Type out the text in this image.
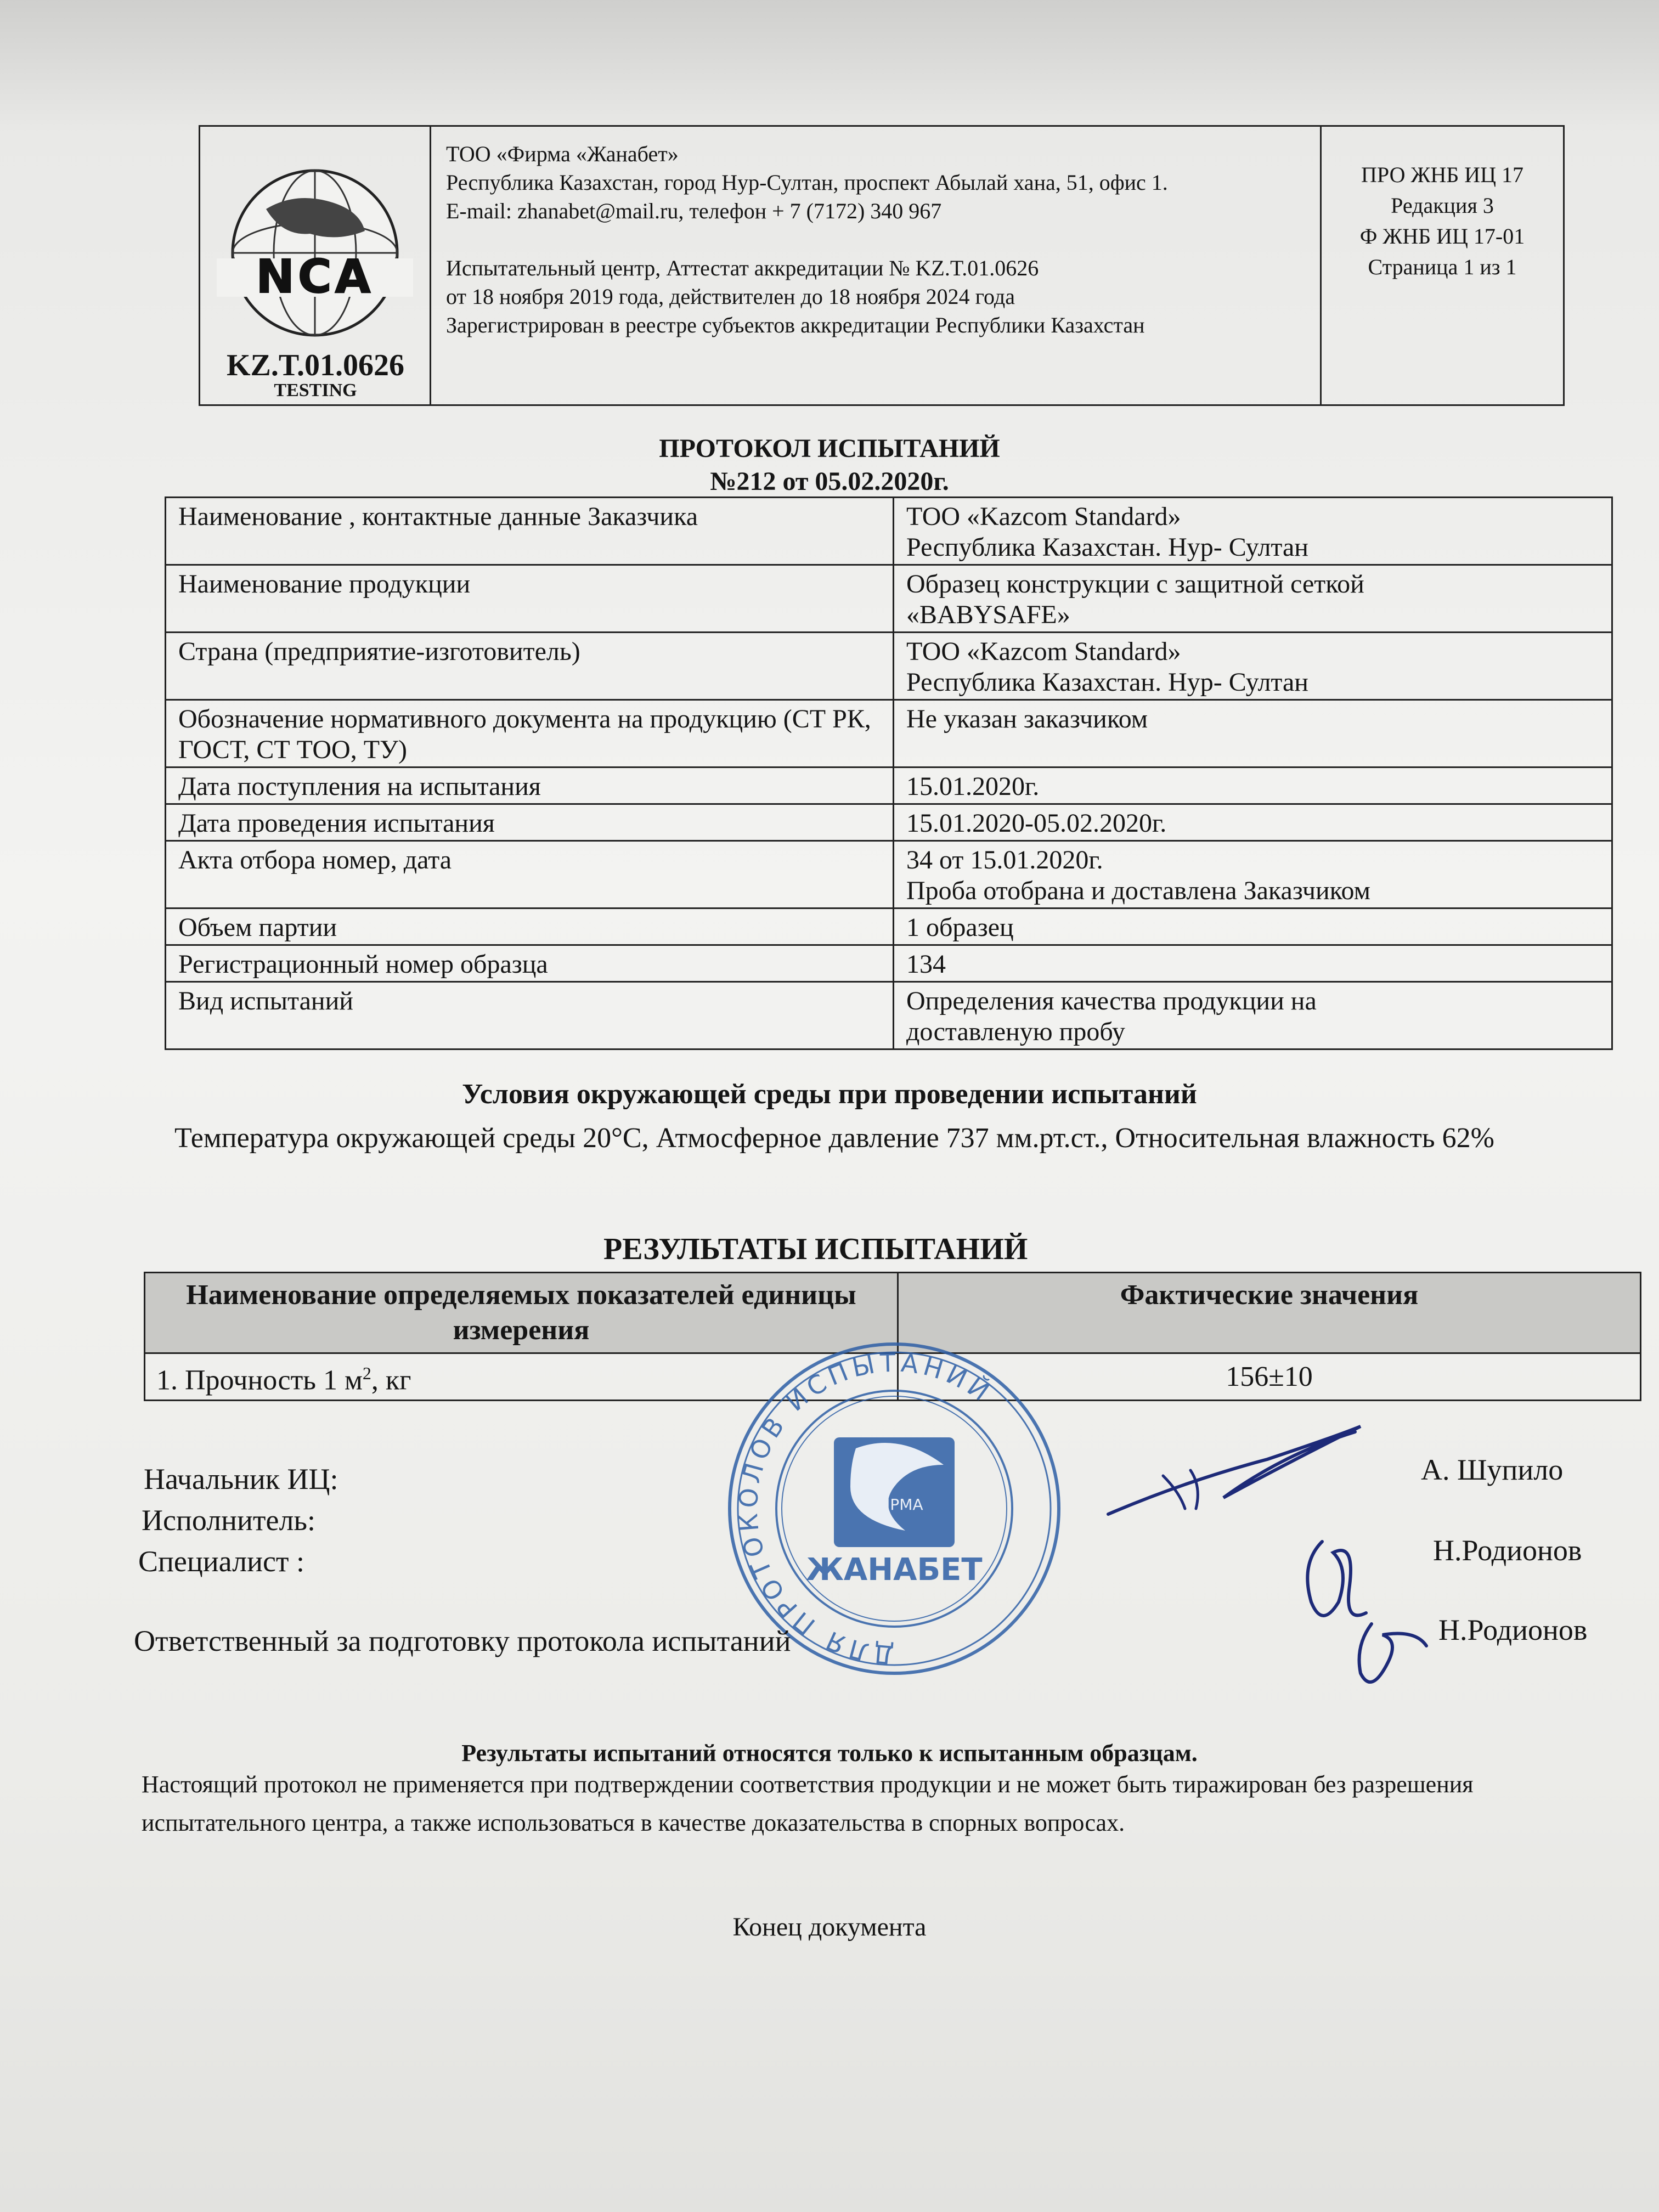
NCA
KZ.T.01.0626
TESTING
ТОО «Фирма «Жанабет»
Республика Казахстан, город Нур-Султан, проспект Абылай хана, 51, офис 1.
E-mail: zhanabet@mail.ru, телефон + 7 (7172) 340 967
Испытательный центр, Аттестат аккредитации № KZ.T.01.0626
от 18 ноября 2019 года, действителен до 18 ноября 2024 года
Зарегистрирован в реестре субъектов аккредитации Республики Казахстан
ПРО ЖНБ ИЦ 17
Редакция 3
Ф ЖНБ ИЦ 17-01
Страница 1 из 1
ПРОТОКОЛ ИСПЫТАНИЙ
№212 от 05.02.2020г.
Наименование , контактные данные Заказчика	ТОО «Kazcom Standard»
Республика Казахстан. Нур- Султан

Наименование продукции	Образец конструкции с защитной сеткой
«BABYSAFE»

Страна (предприятие-изготовитель)	ТОО «Kazcom Standard»
Республика Казахстан. Нур- Султан

Обозначение нормативного документа на продукцию (СТ РК, ГОСТ, СТ ТОО, ТУ)	Не указан заказчиком

Дата поступления на испытания	15.01.2020г.

Дата проведения испытания	15.01.2020-05.02.2020г.

Акта отбора номер, дата	34 от 15.01.2020г.
Проба отобрана и доставлена Заказчиком

Объем партии	1 образец

Регистрационный номер образца	134

Вид испытаний	Определения качества продукции на
доставленую пробу
Условия окружающей среды при проведении испытаний
Температура окружающей среды 20°С, Атмосферное давление 737 мм.рт.ст., Относительная влажность 62%
РЕЗУЛЬТАТЫ ИСПЫТАНИЙ
Наименование определяемых показателей единицы измерения	Фактические значения
1. Прочность 1 $м^2$, кг	156±10
ДЛЯ ПРОТОКОЛОВ ИСПЫТАНИЙ
ФИРМА
ЖАНАБЕТ
Начальник ИЦ:
Исполнитель:
Специалист :
Ответственный за подготовку протокола испытаний
А. Шупило
Н.Родионов
Н.Родионов
Результаты испытаний относятся только к испытанным образцам.
Настоящий протокол не применяется при подтверждении соответствия продукции и не может быть тиражирован без разрешения испытательного центра, а также использоваться в качестве доказательства в спорных вопросах.
Конец документа
